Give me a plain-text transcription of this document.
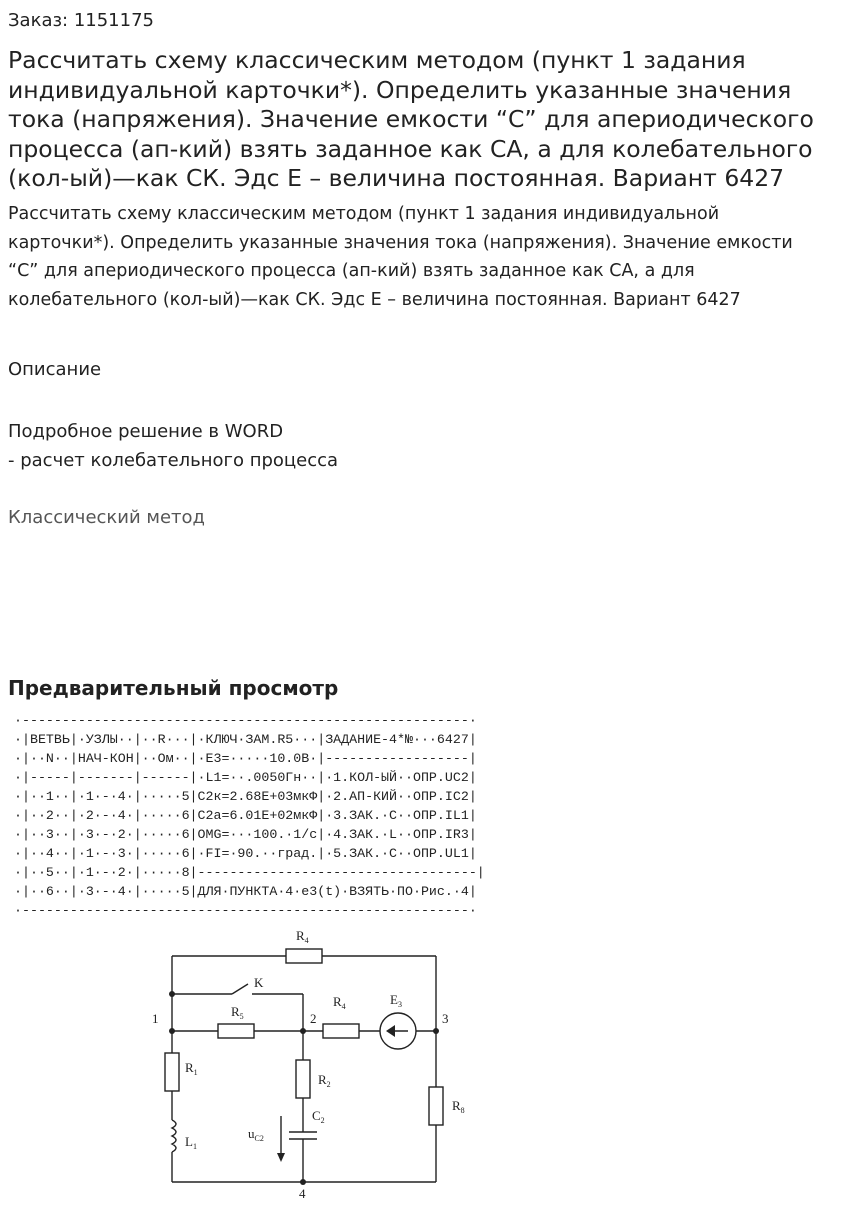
Заказ: 1151175
Рассчитать схему классическим методом (пункт 1 задания индивидуальной карточки*). Определить указанные значения тока (напряжения). Значение емкости “С” для апериодического процесса (ап-кий) взять заданное как СА, а для колебательного (кол-ый)—как СК. Эдс Е – величина постоянная. Вариант 6427

Рассчитать схему классическим методом (пункт 1 задания индивидуальной карточки*). Определить указанные значения тока (напряжения). Значение емкости “С” для апериодического процесса (ап-кий) взять заданное как СА, а для колебательного (кол-ый)—как СК. Эдс Е – величина постоянная. Вариант 6427

Описание
Подробное решение в WORD
- расчет колебательного процесса
Классический метод
Предварительный просмотр
·--------------------------------------------------------·
·|ВЕТВЬ|·УЗЛЫ··|··R···|·КЛЮЧ·ЗАМ.R5···|ЗАДАНИЕ-4*№···6427|
·|··N··|НАЧ-КОН|··Ом··|·Е3=·····10.0В·|------------------|
·|-----|-------|------|·L1=··.0050Гн··|·1.КОЛ-ЫЙ··ОПР.UC2|
·|··1··|·1·-·4·|·····5|С2к=2.68Е+03мкФ|·2.АП-КИЙ··ОПР.IC2|
·|··2··|·2·-·4·|·····6|С2а=6.01Е+02мкФ|·3.ЗАК.·С··ОПР.IL1|
·|··3··|·3·-·2·|·····6|OMG=···100.·1/с|·4.ЗАК.·L··ОПР.IR3|
·|··4··|·1·-·3·|·····6|·FI=·90.··град.|·5.ЗАК.·С··ОПР.UL1|
·|··5··|·1·-·2·|·····8|-----------------------------------|
·|··6··|·3·-·4·|·····5|ДЛЯ·ПУНКТА·4·е3(t)·ВЗЯТЬ·ПО·Рис.·4|
·--------------------------------------------------------·
$R_4$
K
1	2	3
4
$R_5$
$R_4$	$E_3$
$R_1$	$R_2$
$C_2$
$u_{C2}$
$L_1$
$R_8$
